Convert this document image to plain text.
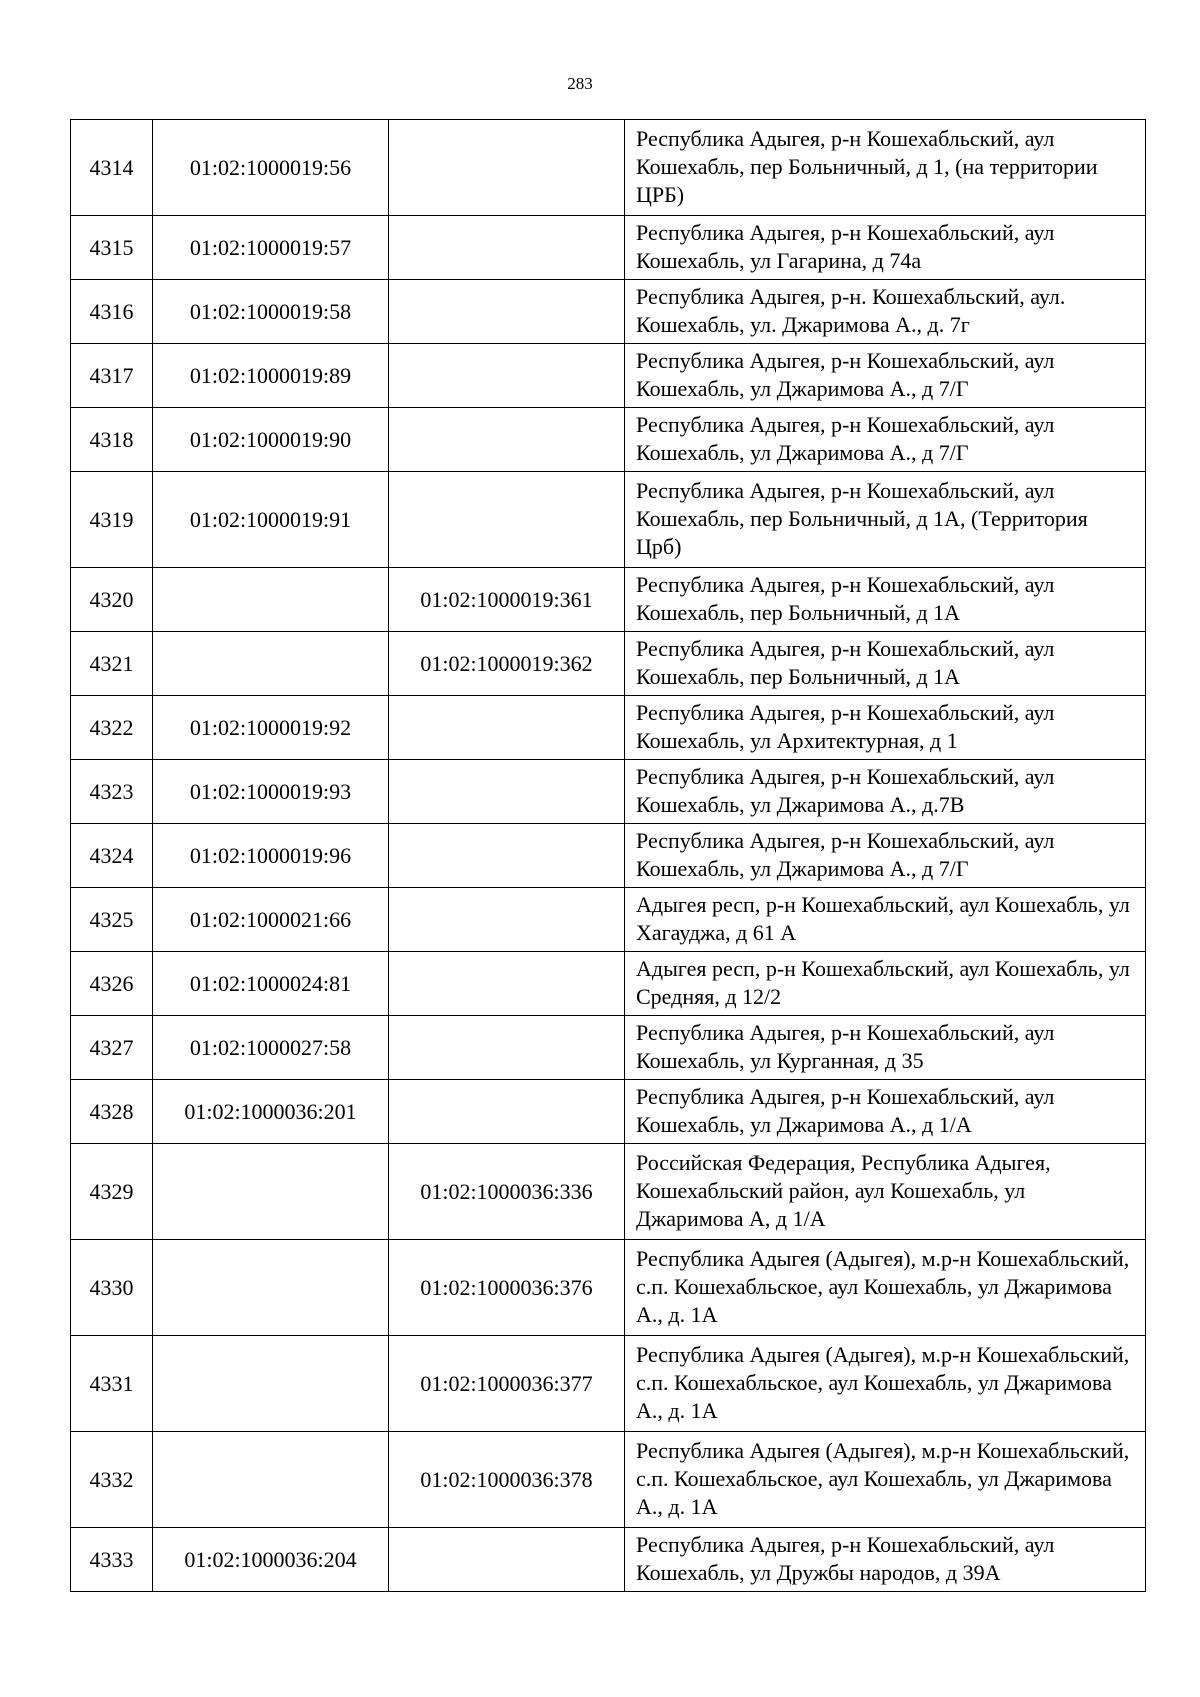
283
4314	01:02:1000019:56		Республика Адыгея, р-н Кошехабльский, аул Кошехабль, пер Больничный, д 1, (на территории ЦРБ)
4315	01:02:1000019:57		Республика Адыгея, р-н Кошехабльский, аул Кошехабль, ул Гагарина, д 74а
4316	01:02:1000019:58		Республика Адыгея, р-н. Кошехабльский, аул. Кошехабль, ул. Джаримова А., д. 7г
4317	01:02:1000019:89		Республика Адыгея, р-н Кошехабльский, аул Кошехабль, ул Джаримова А., д 7/Г
4318	01:02:1000019:90		Республика Адыгея, р-н Кошехабльский, аул Кошехабль, ул Джаримова А., д 7/Г
4319	01:02:1000019:91		Республика Адыгея, р-н Кошехабльский, аул Кошехабль, пер Больничный, д 1А, (Территория Црб)
4320		01:02:1000019:361	Республика Адыгея, р-н Кошехабльский, аул Кошехабль, пер Больничный, д 1А
4321		01:02:1000019:362	Республика Адыгея, р-н Кошехабльский, аул Кошехабль, пер Больничный, д 1А
4322	01:02:1000019:92		Республика Адыгея, р-н Кошехабльский, аул Кошехабль, ул Архитектурная, д 1
4323	01:02:1000019:93		Республика Адыгея, р-н Кошехабльский, аул Кошехабль, ул Джаримова А., д.7В
4324	01:02:1000019:96		Республика Адыгея, р-н Кошехабльский, аул Кошехабль, ул Джаримова А., д 7/Г
4325	01:02:1000021:66		Адыгея респ, р-н Кошехабльский, аул Кошехабль, ул Хагауджа, д 61 А
4326	01:02:1000024:81		Адыгея респ, р-н Кошехабльский, аул Кошехабль, ул Средняя, д 12/2
4327	01:02:1000027:58		Республика Адыгея, р-н Кошехабльский, аул Кошехабль, ул Курганная, д 35
4328	01:02:1000036:201		Республика Адыгея, р-н Кошехабльский, аул Кошехабль, ул Джаримова А., д 1/А
4329		01:02:1000036:336	Российская Федерация, Республика Адыгея, Кошехабльский район, аул Кошехабль, ул Джаримова А, д 1/А
4330		01:02:1000036:376	Республика Адыгея (Адыгея), м.р-н Кошехабльский, с.п. Кошехабльское, аул Кошехабль, ул Джаримова А., д. 1А
4331		01:02:1000036:377	Республика Адыгея (Адыгея), м.р-н Кошехабльский, с.п. Кошехабльское, аул Кошехабль, ул Джаримова А., д. 1А
4332		01:02:1000036:378	Республика Адыгея (Адыгея), м.р-н Кошехабльский, с.п. Кошехабльское, аул Кошехабль, ул Джаримова А., д. 1А
4333	01:02:1000036:204		Республика Адыгея, р-н Кошехабльский, аул Кошехабль, ул Дружбы народов, д 39А
